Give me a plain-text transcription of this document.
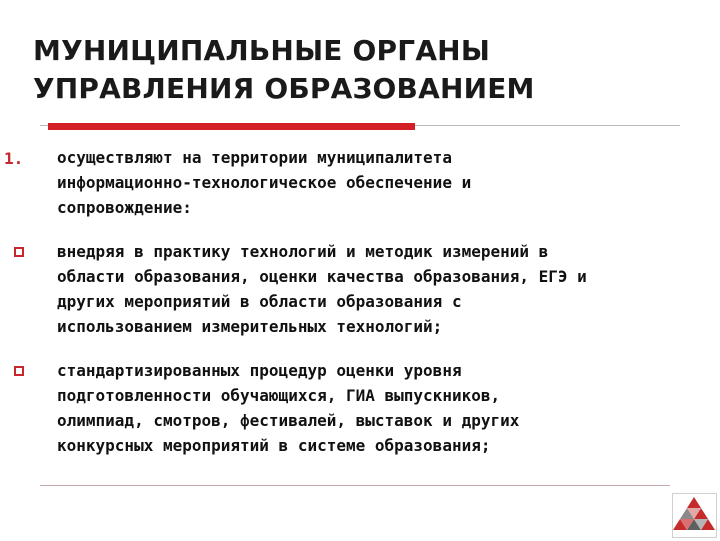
МУНИЦИПАЛЬНЫЕ ОРГАНЫ
УПРАВЛЕНИЯ ОБРАЗОВАНИЕМ
1. осуществляют на территории муниципалитета
информационно-технологическое обеспечение и
сопровождение:
внедряя в практику технологий и методик измерений в
области образования, оценки качества образования, ЕГЭ и
других мероприятий в области образования с
использованием измерительных технологий;
стандартизированных процедур оценки уровня
подготовленности обучающихся, ГИА выпускников,
олимпиад, смотров, фестивалей, выставок и других
конкурсных мероприятий в системе образования;
